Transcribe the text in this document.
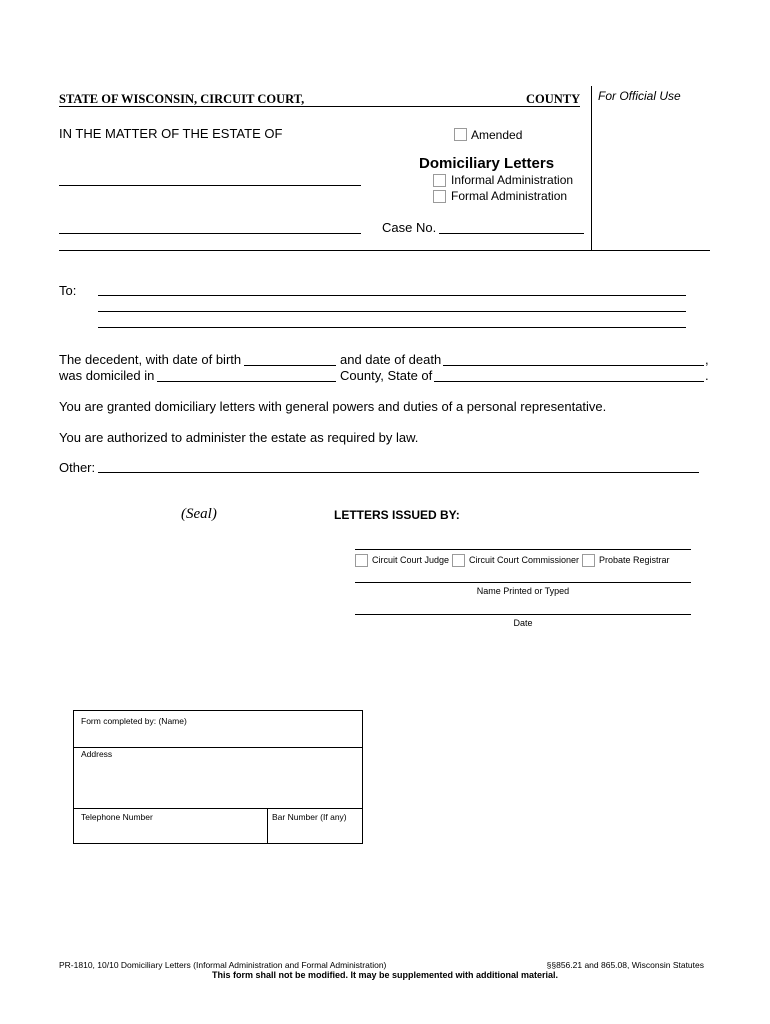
STATE OF WISCONSIN, CIRCUIT COURT,	COUNTY For Official Use
IN THE MATTER OF THE ESTATE OF	Amended
Domiciliary Letters
Informal Administration
Formal Administration
Case No.
To:
The decedent, with date of birth	and date of death	,
was domiciled in	County, State of	.
You are granted domiciliary letters with general powers and duties of a personal representative.
You are authorized to administer the estate as required by law.
Other:
(Seal)	LETTERS ISSUED BY:
Circuit Court Judge Circuit Court Commissioner Probate Registrar
Name Printed or Typed
Date
Form completed by: (Name)
Address
Telephone Number	Bar Number (If any)
PR-1810, 10/10 Domiciliary Letters (Informal Administration and Formal Administration)	§§856.21 and 865.08, Wisconsin Statutes
This form shall not be modified. It may be supplemented with additional material.
